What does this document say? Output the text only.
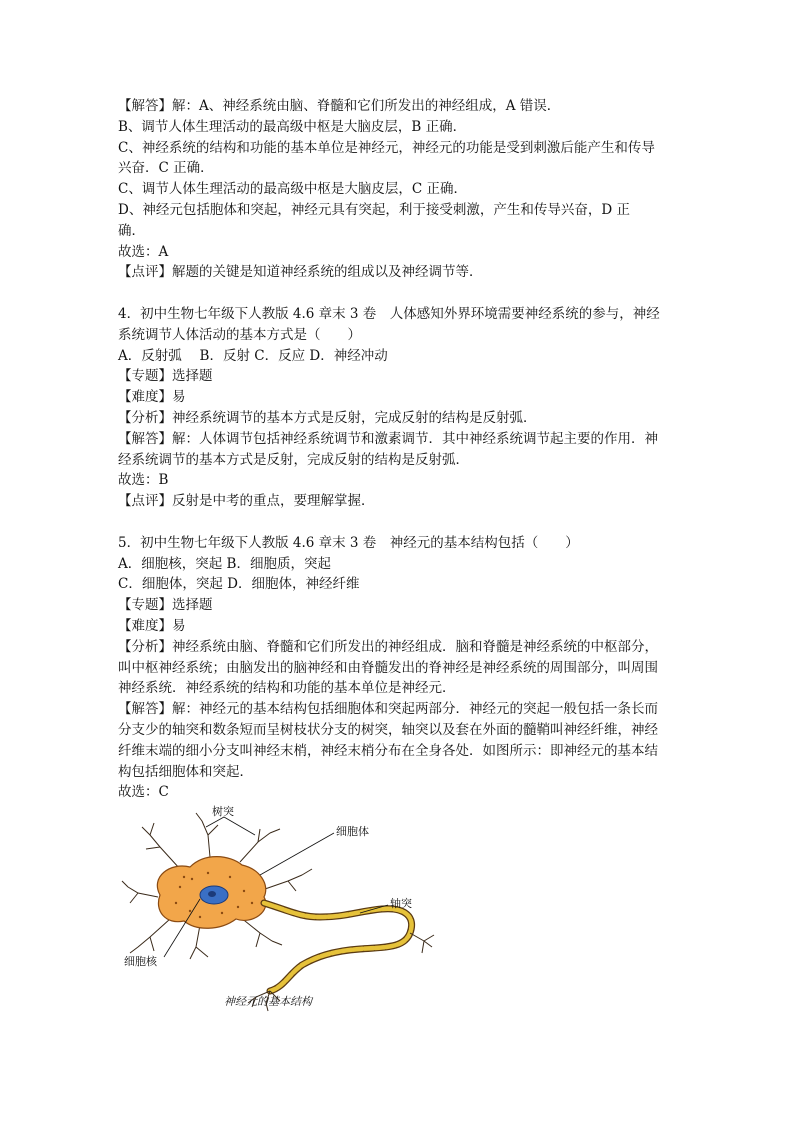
【解答】解：A、神经系统由脑、脊髓和它们所发出的神经组成，A 错误．
B、调节人体生理活动的最高级中枢是大脑皮层，B 正确．
C、神经系统的结构和功能的基本单位是神经元，神经元的功能是受到刺激后能产生和传导
兴奋．C 正确．
C、调节人体生理活动的最高级中枢是大脑皮层，C 正确．
D、神经元包括胞体和突起，神经元具有突起，利于接受刺激，产生和传导兴奋，D 正
确．
故选：A
【点评】解题的关键是知道神经系统的组成以及神经调节等．
4．初中生物七年级下人教版 4.6 章末 3 卷　人体感知外界环境需要神经系统的参与，神经
系统调节人体活动的基本方式是（　　）
A．反射弧　 B．反射 C．反应 D．神经冲动
【专题】选择题
【难度】易
【分析】神经系统调节的基本方式是反射，完成反射的结构是反射弧．
【解答】解：人体调节包括神经系统调节和激素调节．其中神经系统调节起主要的作用．神
经系统调节的基本方式是反射，完成反射的结构是反射弧．
故选：B
【点评】反射是中考的重点，要理解掌握．
5．初中生物七年级下人教版 4.6 章末 3 卷　神经元的基本结构包括（　　）
A．细胞核，突起 B．细胞质，突起
C．细胞体，突起 D．细胞体，神经纤维
【专题】选择题
【难度】易
【分析】神经系统由脑、脊髓和它们所发出的神经组成．脑和脊髓是神经系统的中枢部分，
叫中枢神经系统；由脑发出的脑神经和由脊髓发出的脊神经是神经系统的周围部分，叫周围
神经系统．神经系统的结构和功能的基本单位是神经元．
【解答】解：神经元的基本结构包括细胞体和突起两部分．神经元的突起一般包括一条长而
分支少的轴突和数条短而呈树枝状分支的树突，轴突以及套在外面的髓鞘叫神经纤维，神经
纤维末端的细小分支叫神经末梢，神经末梢分布在全身各处．如图所示：即神经元的基本结
构包括细胞体和突起．
故选：C
树突
细胞体
细胞核
轴突
神经元的基本结构
